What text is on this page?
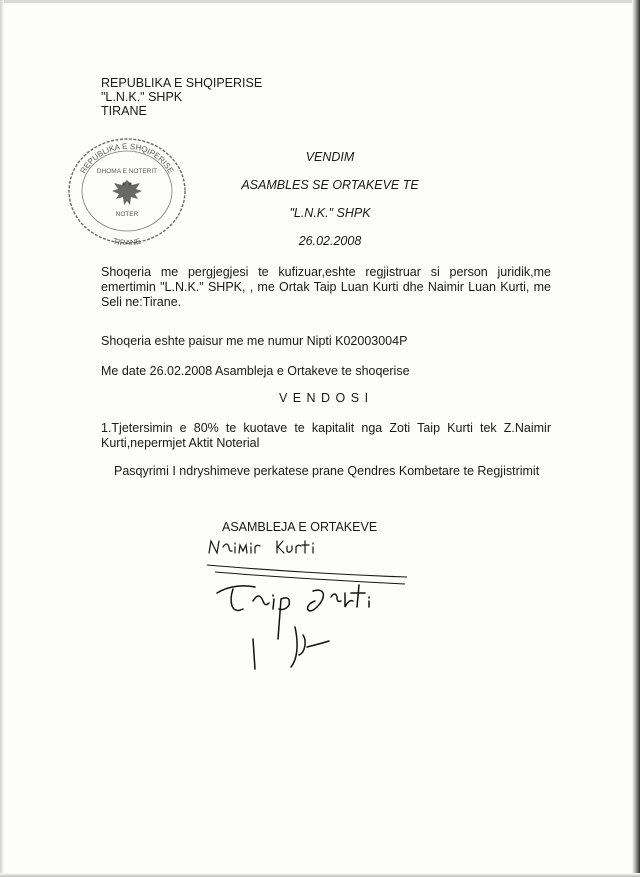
REPUBLIKA E SHQIPERISE
"L.N.K." SHPK
TIRANE
REPUBLIKA E SHQIPERISE
DHOMA E NOTERIT
NOTER
TIRANE
VENDIM
ASAMBLES SE ORTAKEVE TE
"L.N.K." SHPK
26.02.2008
Shoqeria me pergjegjesi te kufizuar,eshte regjistruar si person juridik,me emertimin "L.N.K." SHPK, , me Ortak Taip Luan Kurti dhe Naimir Luan Kurti, me Seli ne:Tirane.
Shoqeria eshte paisur me me numur Nipti K02003004P
Me date 26.02.2008 Asambleja e Ortakeve te shoqerise
V E N D O S I
1.Tjetersimin e 80% te kuotave te kapitalit nga Zoti Taip Kurti tek Z.Naimir Kurti,nepermjet Aktit Noterial
Pasqyrimi I ndryshimeve perkatese prane Qendres Kombetare te Regjistrimit
ASAMBLEJA E ORTAKEVE
